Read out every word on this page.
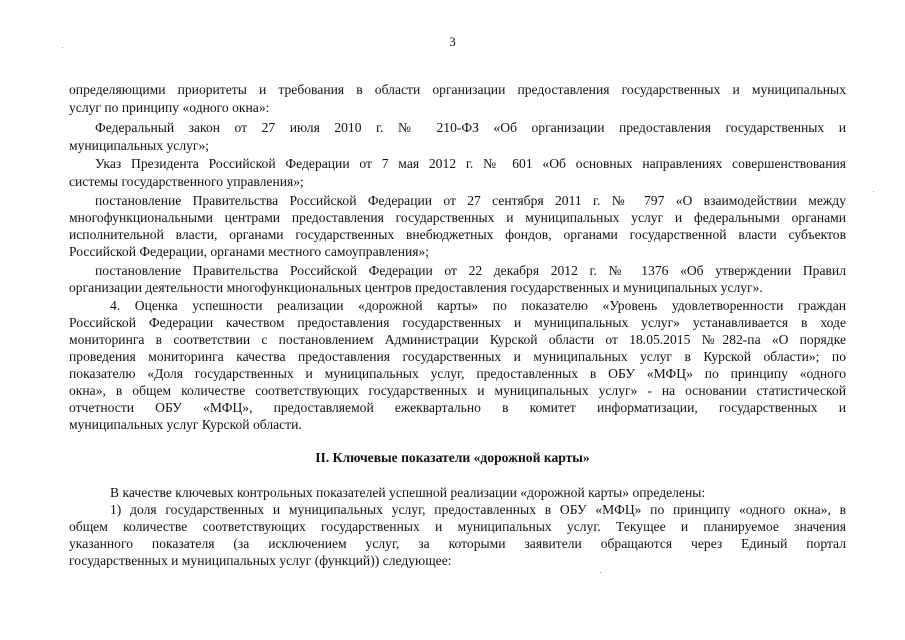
3
определяющими приоритеты и требования в области организации предоставления государственных и муниципальных
услуг по принципу «одного окна»:
Федеральный закон от 27 июля 2010 г. № 210-ФЗ «Об организации предоставления государственных и
муниципальных услуг»;
Указ Президента Российской Федерации от 7 мая 2012 г. № 601 «Об основных направлениях совершенствования
системы государственного управления»;
постановление Правительства Российской Федерации от 27 сентября 2011 г. № 797 «О взаимодействии между
многофункциональными центрами предоставления государственных и муниципальных услуг и федеральными органами
исполнительной власти, органами государственных внебюджетных фондов, органами государственной власти субъектов
Российской Федерации, органами местного самоуправления»;
постановление Правительства Российской Федерации от 22 декабря 2012 г. № 1376 «Об утверждении Правил
организации деятельности многофункциональных центров предоставления государственных и муниципальных услуг».
4. Оценка успешности реализации «дорожной карты» по показателю «Уровень удовлетворенности граждан
Российской Федерации качеством предоставления государственных и муниципальных услуг» устанавливается в ходе
мониторинга в соответствии с постановлением Администрации Курской области от 18.05.2015 №282-па «О порядке
проведения мониторинга качества предоставления государственных и муниципальных услуг в Курской области»; по
показателю «Доля государственных и муниципальных услуг, предоставленных в ОБУ «МФЦ» по принципу «одного
окна», в общем количестве соответствующих государственных и муниципальных услуг» - на основании статистической
отчетности ОБУ «МФЦ», предоставляемой ежеквартально в комитет информатизации, государственных и
муниципальных услуг Курской области.
II. Ключевые показатели «дорожной карты»
В качестве ключевых контрольных показателей успешной реализации «дорожной карты» определены:
1) доля государственных и муниципальных услуг, предоставленных в ОБУ «МФЦ» по принципу «одного окна», в
общем количестве соответствующих государственных и муниципальных услуг. Текущее и планируемое значения
указанного показателя (за исключением услуг, за которыми заявители обращаются через Единый портал
государственных и муниципальных услуг (функций)) следующее:
